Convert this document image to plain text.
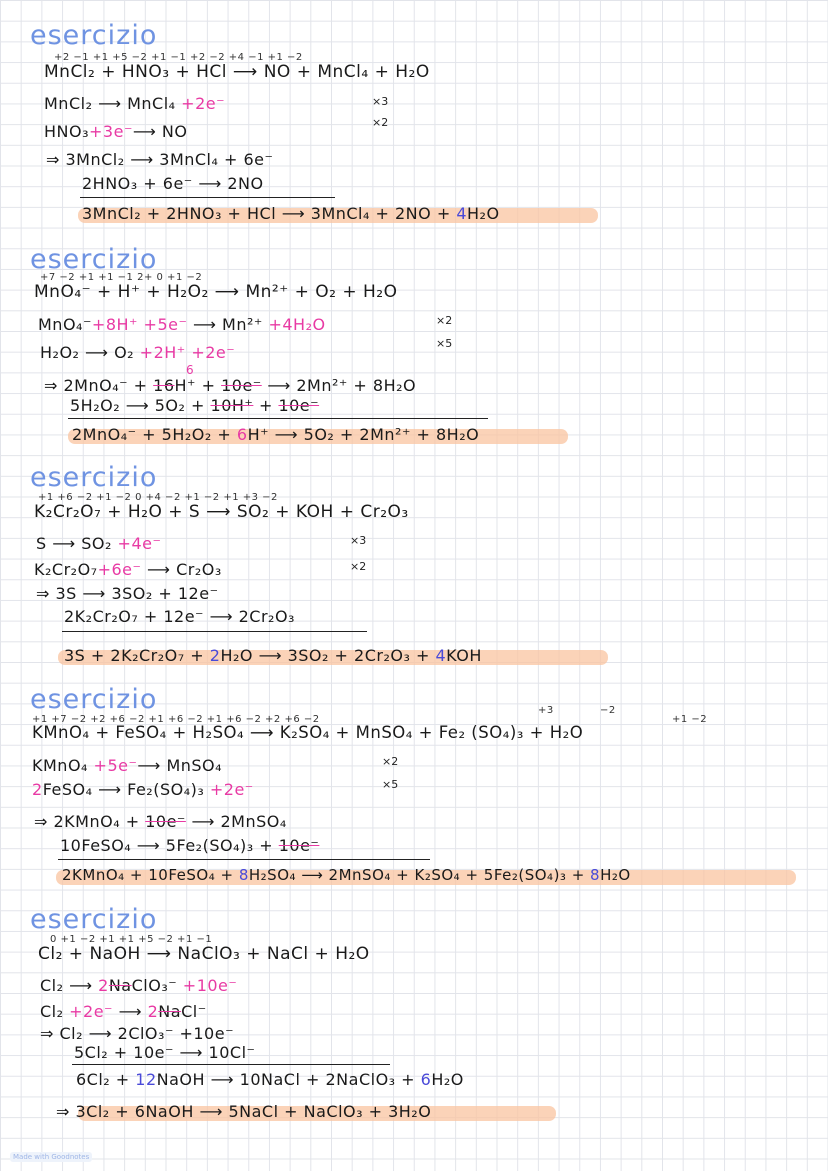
esercizio
+2 −1 +1 +5 −2 +1 −1 +2 −2 +4 −1 +1 −2
MnCl₂ + HNO₃ + HCl ⟶ NO + MnCl₄ + H₂O
MnCl₂ ⟶ MnCl₄ +2e⁻	×3
HNO₃+3e⁻⟶ NO	×2
⇒ 3MnCl₂ ⟶ 3MnCl₄ + 6e⁻
2HNO₃ + 6e⁻ ⟶ 2NO
3MnCl₂ + 2HNO₃ + HCl ⟶ 3MnCl₄ + 2NO + 4H₂O
esercizio
+7 −2 +1 +1 −1 2+ 0 +1 −2
MnO₄⁻ + H⁺ + H₂O₂ ⟶ Mn²⁺ + O₂ + H₂O
MnO₄⁻+8H⁺ +5e⁻ ⟶ Mn²⁺ +4H₂O	×2
H₂O₂ ⟶ O₂ +2H⁺ +2e⁻	×5
6
⇒ 2MnO₄⁻ + 16H⁺ + 10e⁻ ⟶ 2Mn²⁺ + 8H₂O
5H₂O₂ ⟶ 5O₂ + 10H⁺ + 10e⁻
2MnO₄⁻ + 5H₂O₂ + 6H⁺ ⟶ 5O₂ + 2Mn²⁺ + 8H₂O
esercizio
+1 +6 −2 +1 −2 0 +4 −2 +1 −2 +1 +3 −2
K₂Cr₂O₇ + H₂O + S ⟶ SO₂ + KOH + Cr₂O₃
S ⟶ SO₂ +4e⁻	×3
K₂Cr₂O₇+6e⁻ ⟶ Cr₂O₃	×2
⇒ 3S ⟶ 3SO₂ + 12e⁻
2K₂Cr₂O₇ + 12e⁻ ⟶ 2Cr₂O₃
3S + 2K₂Cr₂O₇ + 2H₂O ⟶ 3SO₂ + 2Cr₂O₃ + 4KOH
esercizio
+1 +7 −2 +2 +6 −2 +1 +6 −2 +1 +6 −2 +2 +6 −2
+3	−2
+1 −2
KMnO₄ + FeSO₄ + H₂SO₄ ⟶ K₂SO₄ + MnSO₄ + Fe₂ (SO₄)₃ + H₂O
KMnO₄ +5e⁻⟶ MnSO₄	×2
2FeSO₄ ⟶ Fe₂(SO₄)₃ +2e⁻	×5
⇒ 2KMnO₄ + 10e⁻ ⟶ 2MnSO₄
10FeSO₄ ⟶ 5Fe₂(SO₄)₃ + 10e⁻
2KMnO₄ + 10FeSO₄ + 8H₂SO₄ ⟶ 2MnSO₄ + K₂SO₄ + 5Fe₂(SO₄)₃ + 8H₂O
esercizio
0 +1 −2 +1 +1 +5 −2 +1 −1
Cl₂ + NaOH ⟶ NaClO₃ + NaCl + H₂O
Cl₂ ⟶ 2NaClO₃⁻ +10e⁻
Cl₂ +2e⁻ ⟶ 2NaCl⁻
⇒ Cl₂ ⟶ 2ClO₃⁻ +10e⁻
5Cl₂ + 10e⁻ ⟶ 10Cl⁻
6Cl₂ + 12NaOH ⟶ 10NaCl + 2NaClO₃ + 6H₂O
⇒ 3Cl₂ + 6NaOH ⟶ 5NaCl + NaClO₃ + 3H₂O
Made with Goodnotes
